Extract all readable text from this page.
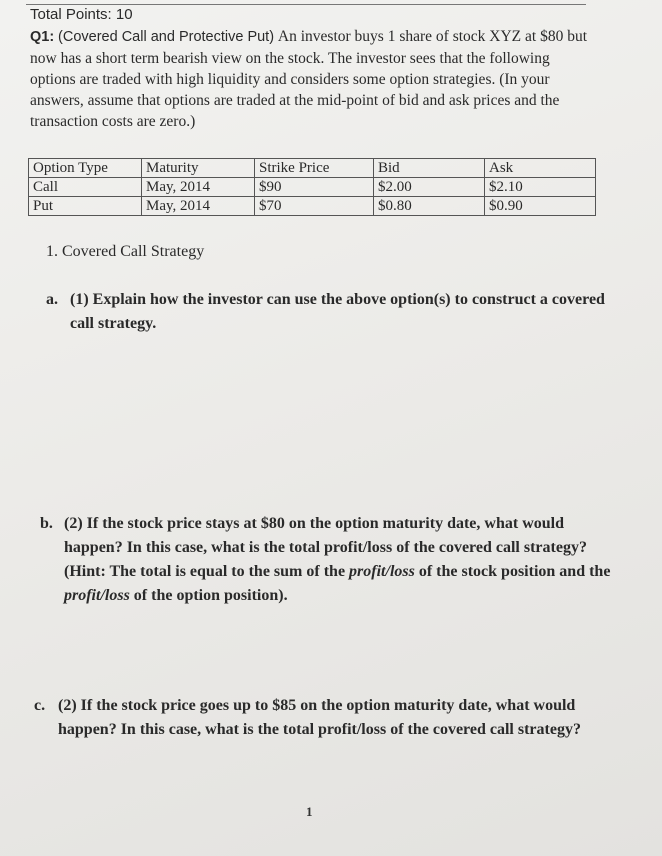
Total Points: 10
Q1: (Covered Call and Protective Put) An investor buys 1 share of stock XYZ at $80 but now has a short term bearish view on the stock. The investor sees that the following options are traded with high liquidity and considers some option strategies. (In your answers, assume that options are traded at the mid-point of bid and ask prices and the transaction costs are zero.)
Option Type	Maturity	Strike Price	Bid	Ask
Call	May, 2014	$90	$2.00	$2.10
Put	May, 2014	$70	$0.80	$0.90
1. Covered Call Strategy
a. (1) Explain how the investor can use the above option(s) to construct a covered call strategy.
b. (2) If the stock price stays at $80 on the option maturity date, what would happen? In this case, what is the total profit/loss of the covered call strategy? (Hint: The total is equal to the sum of the profit/loss of the stock position and the profit/loss of the option position).
c. (2) If the stock price goes up to $85 on the option maturity date, what would happen? In this case, what is the total profit/loss of the covered call strategy?
1
